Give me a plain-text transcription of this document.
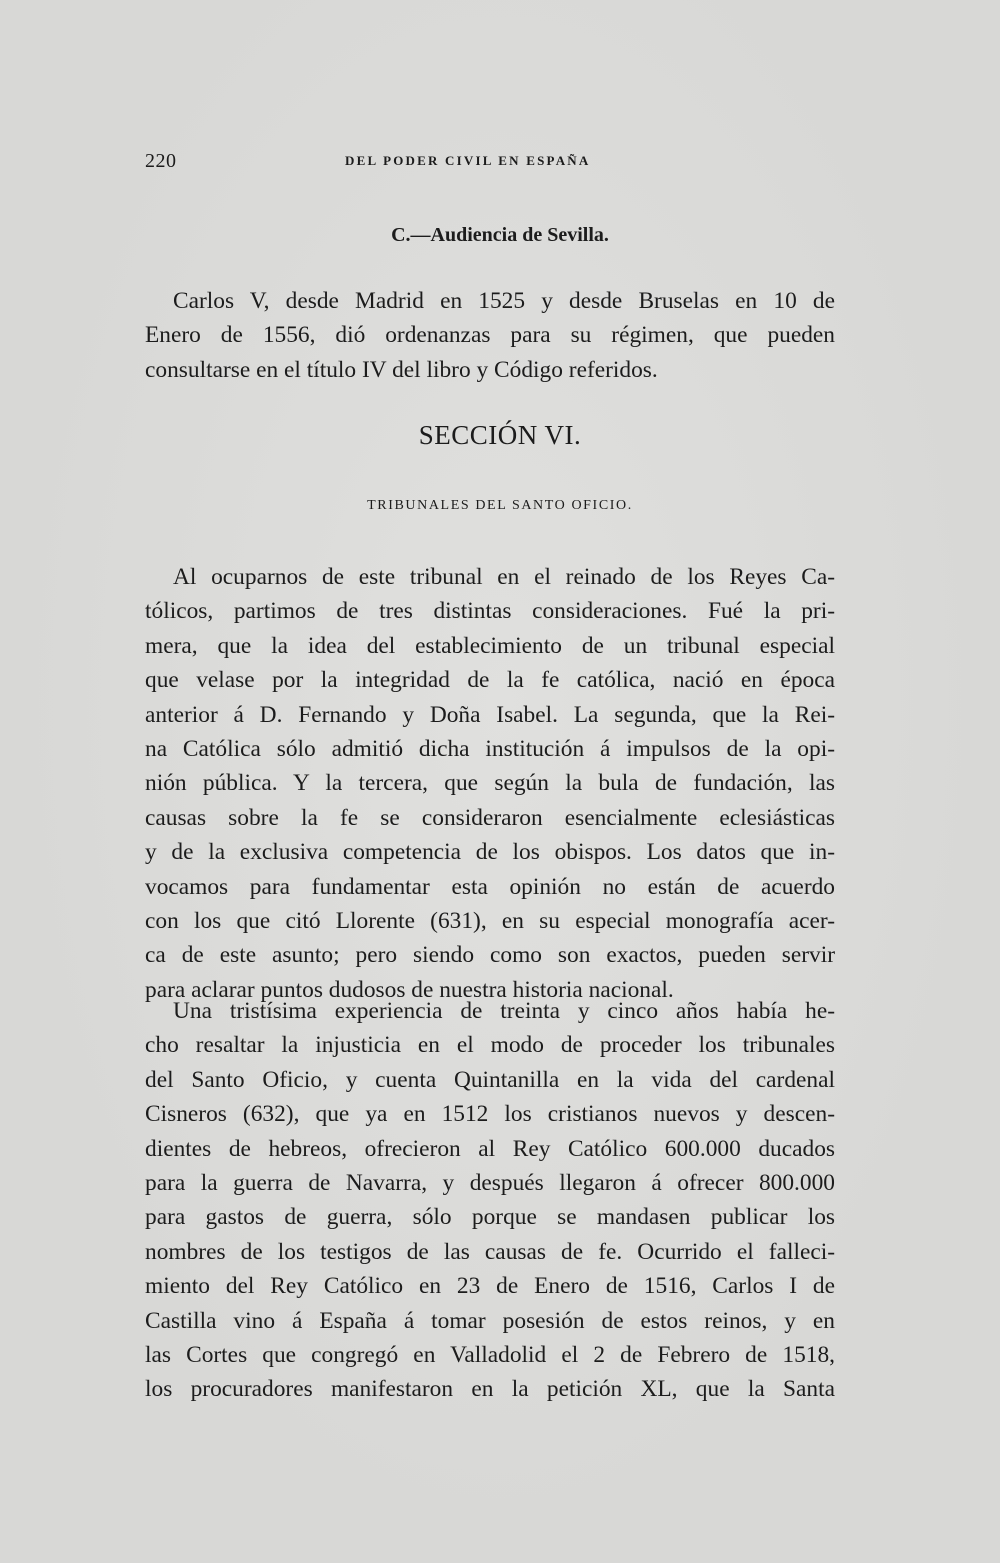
220	DEL PODER CIVIL EN ESPAÑA
C.—Audiencia de Sevilla.
Carlos V, desde Madrid en 1525 y desde Bruselas en 10 de
Enero de 1556, dió ordenanzas para su régimen, que pueden
consultarse en el título IV del libro y Código referidos.
SECCIÓN VI.
TRIBUNALES DEL SANTO OFICIO.
Al ocuparnos de este tribunal en el reinado de los Reyes Ca-
tólicos, partimos de tres distintas consideraciones. Fué la pri-
mera, que la idea del establecimiento de un tribunal especial
que velase por la integridad de la fe católica, nació en época
anterior á D. Fernando y Doña Isabel. La segunda, que la Rei-
na Católica sólo admitió dicha institución á impulsos de la opi-
nión pública. Y la tercera, que según la bula de fundación, las
causas sobre la fe se consideraron esencialmente eclesiásticas
y de la exclusiva competencia de los obispos. Los datos que in-
vocamos para fundamentar esta opinión no están de acuerdo
con los que citó Llorente (631), en su especial monografía acer-
ca de este asunto; pero siendo como son exactos, pueden servir
para aclarar puntos dudosos de nuestra historia nacional.
Una tristísima experiencia de treinta y cinco años había he-
cho resaltar la injusticia en el modo de proceder los tribunales
del Santo Oficio, y cuenta Quintanilla en la vida del cardenal
Cisneros (632), que ya en 1512 los cristianos nuevos y descen-
dientes de hebreos, ofrecieron al Rey Católico 600.000 ducados
para la guerra de Navarra, y después llegaron á ofrecer 800.000
para gastos de guerra, sólo porque se mandasen publicar los
nombres de los testigos de las causas de fe. Ocurrido el falleci-
miento del Rey Católico en 23 de Enero de 1516, Carlos I de
Castilla vino á España á tomar posesión de estos reinos, y en
las Cortes que congregó en Valladolid el 2 de Febrero de 1518,
los procuradores manifestaron en la petición XL, que la Santa
